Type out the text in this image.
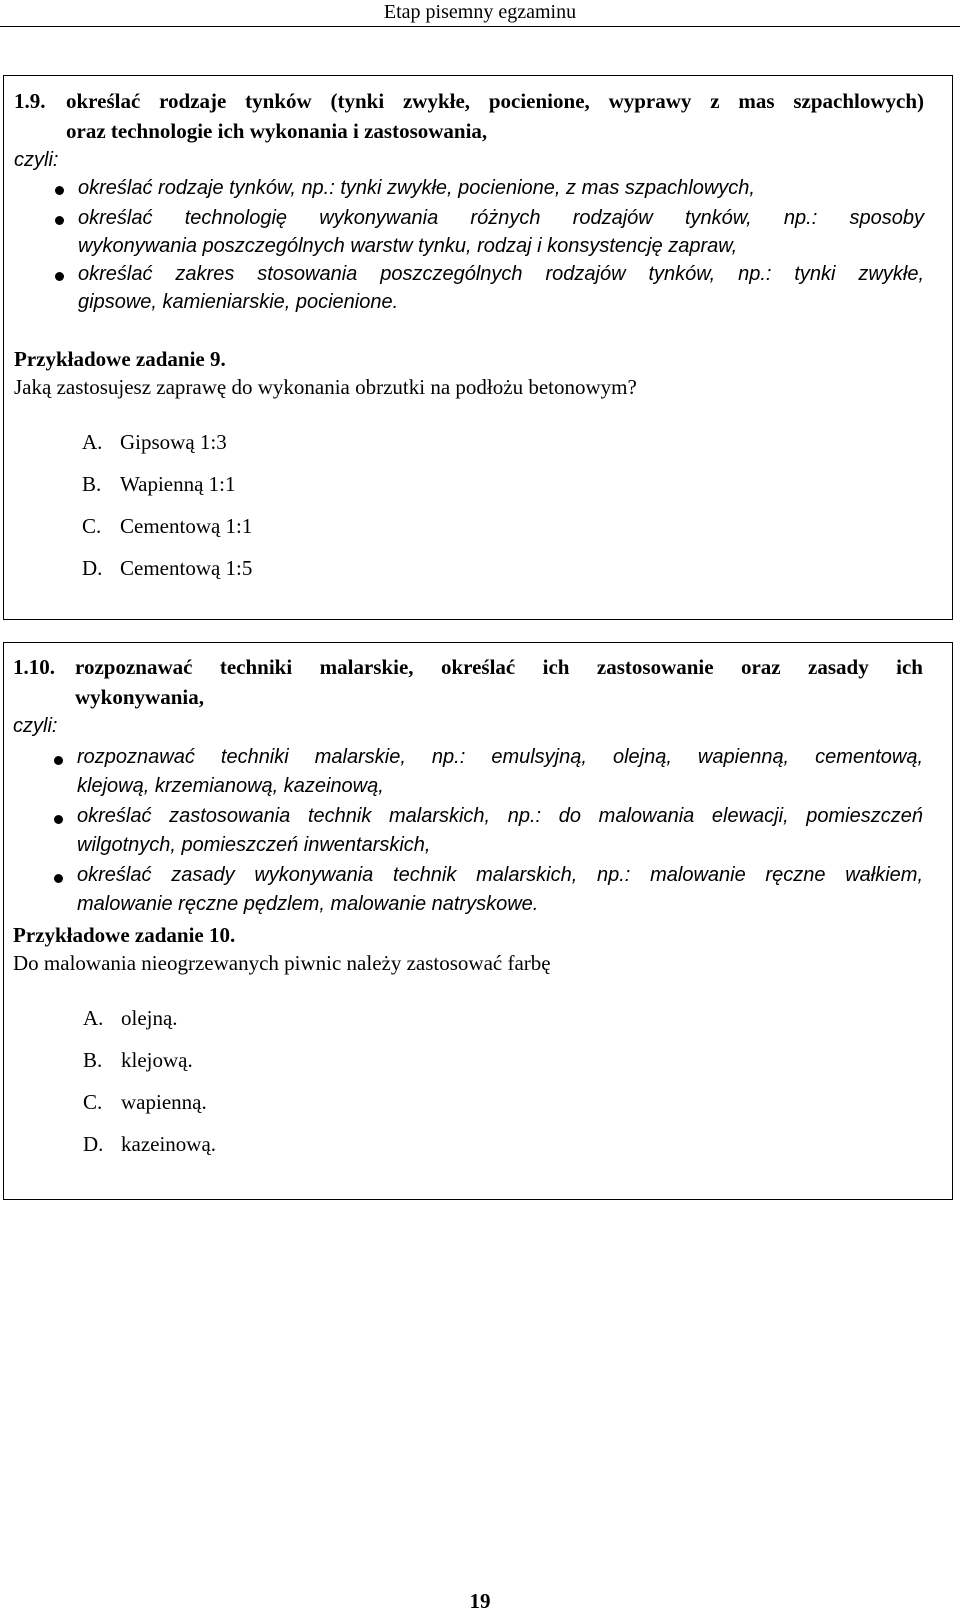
Etap pisemny egzaminu
1.9. określać rodzaje tynków (tynki zwykłe, pocienione, wyprawy z mas szpachlowych)
oraz technologie ich wykonania i zastosowania,
czyli:
określać rodzaje tynków, np.: tynki zwykłe, pocienione, z mas szpachlowych,
określać technologię wykonywania różnych rodzajów tynków, np.: sposoby
wykonywania poszczególnych warstw tynku, rodzaj i konsystencję zapraw,
określać zakres stosowania poszczególnych rodzajów tynków, np.: tynki zwykłe,
gipsowe, kamieniarskie, pocienione.
Przykładowe zadanie 9.
Jaką zastosujesz zaprawę do wykonania obrzutki na podłożu betonowym?
A. Gipsową 1:3
B. Wapienną 1:1
C. Cementową 1:1
D. Cementową 1:5
1.10. rozpoznawać techniki malarskie, określać ich zastosowanie oraz zasady ich
wykonywania,
czyli:
rozpoznawać techniki malarskie, np.: emulsyjną, olejną, wapienną, cementową,
klejową, krzemianową, kazeinową,
określać zastosowania technik malarskich, np.: do malowania elewacji, pomieszczeń
wilgotnych, pomieszczeń inwentarskich,
określać zasady wykonywania technik malarskich, np.: malowanie ręczne wałkiem,
malowanie ręczne pędzlem, malowanie natryskowe.
Przykładowe zadanie 10.
Do malowania nieogrzewanych piwnic należy zastosować farbę
A. olejną.
B. klejową.
C. wapienną.
D. kazeinową.
19
